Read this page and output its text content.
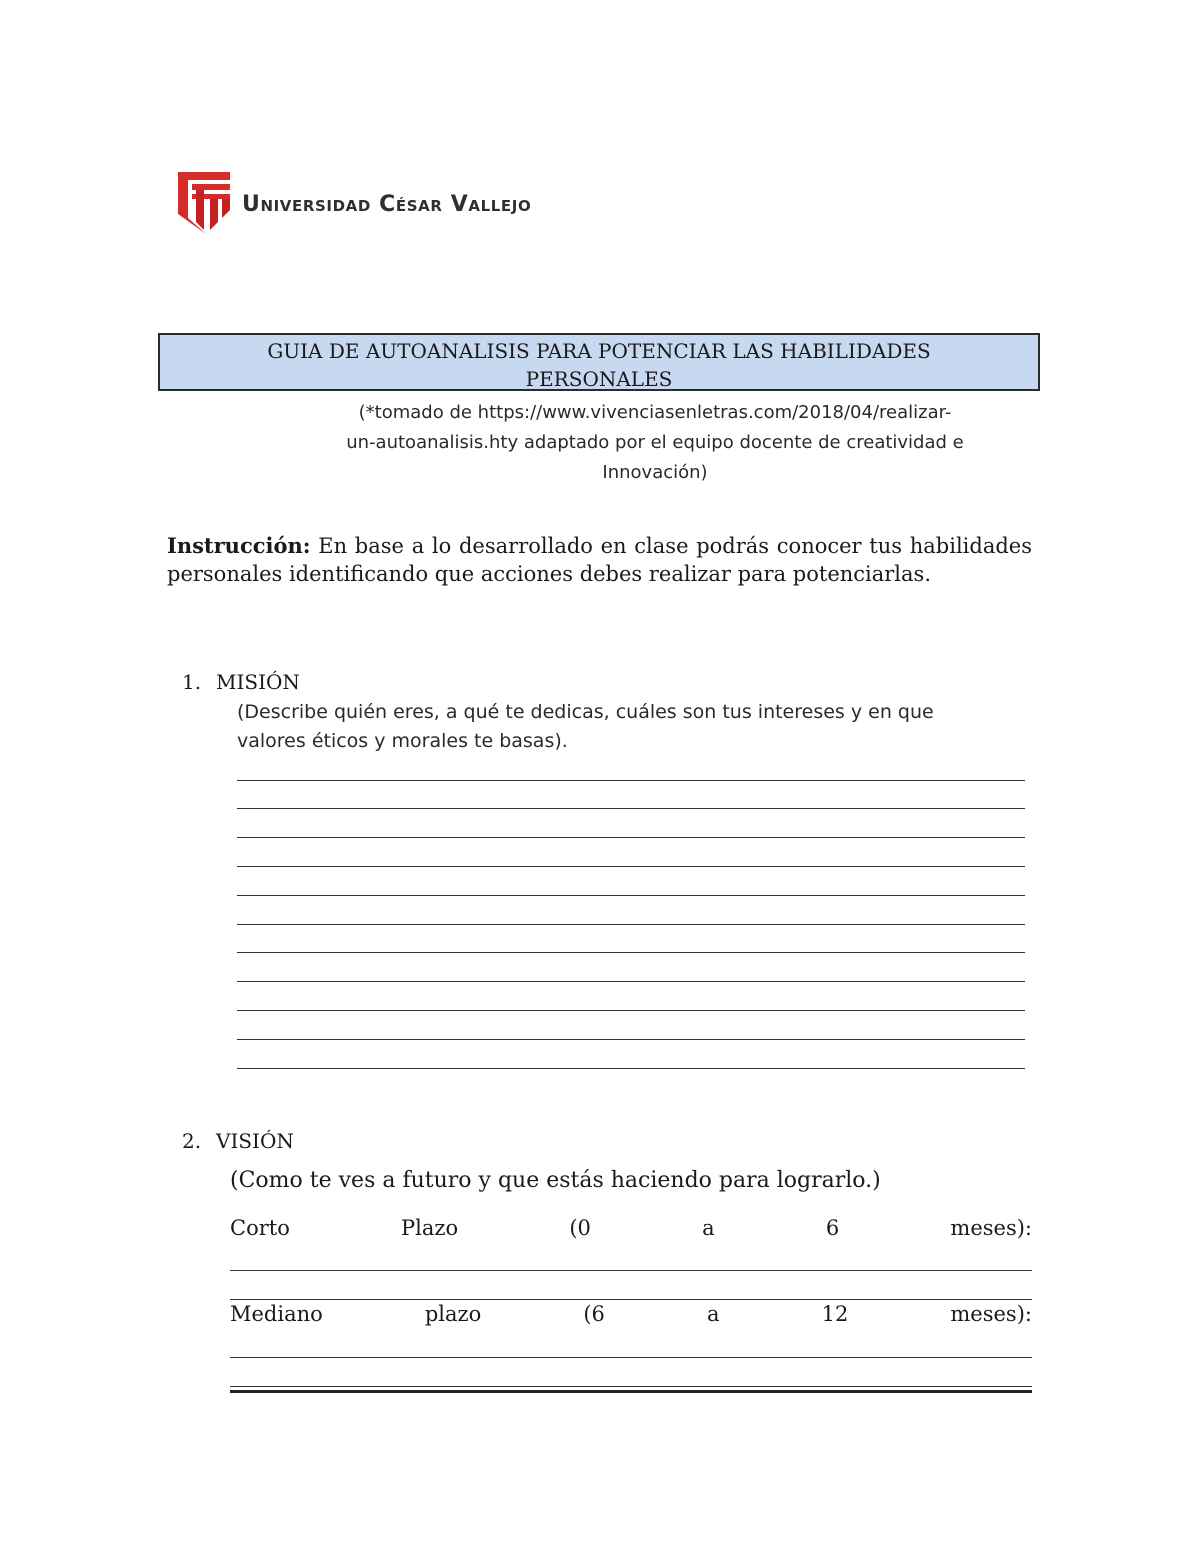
Universidad César Vallejo
GUIA DE AUTOANALISIS PARA POTENCIAR LAS HABILIDADES
PERSONALES
(*tomado de https://www.vivenciasenletras.com/2018/04/realizar-
un-autoanalisis.hty adaptado por el equipo docente de creatividad e
Innovación)
Instrucción: En base a lo desarrollado en clase podrás conocer tus habilidades personales identificando que acciones debes realizar para potenciarlas.
1. MISIÓN
(Describe quién eres, a qué te dedicas, cuáles son tus intereses y en que
valores éticos y morales te basas).
2. VISIÓN
(Como te ves a futuro y que estás haciendo para lograrlo.)
Corto	Plazo	(0	a	6	meses):
Mediano	plazo	(6	a	12	meses):
